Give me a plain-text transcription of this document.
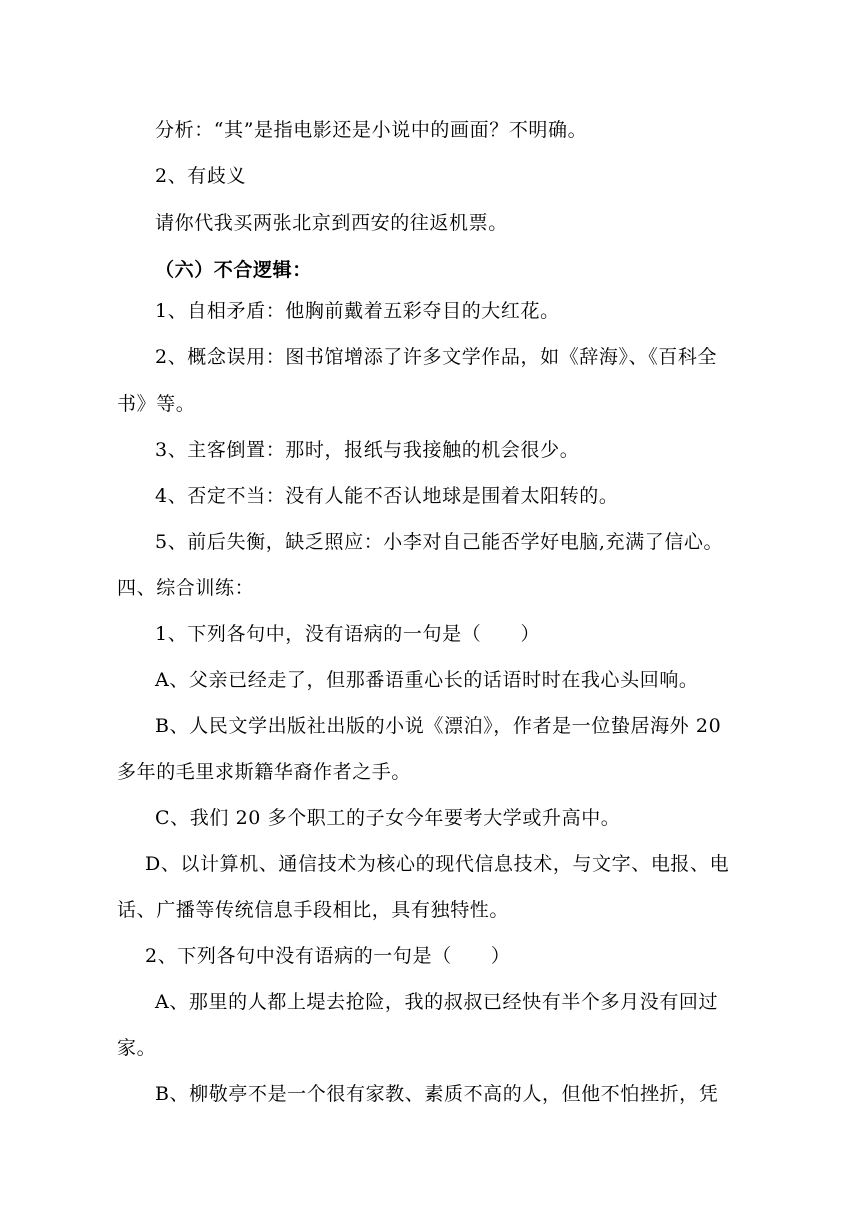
分析：“其”是指电影还是小说中的画面？不明确。
2、有歧义
请你代我买两张北京到西安的往返机票。
（六）不合逻辑：
1、自相矛盾：他胸前戴着五彩夺目的大红花。
2、概念误用：图书馆增添了许多文学作品，如《辞海》、《百科全
书》等。
3、主客倒置：那时，报纸与我接触的机会很少。
4、否定不当：没有人能不否认地球是围着太阳转的。
5、前后失衡，缺乏照应：小李对自己能否学好电脑,充满了信心。
四、综合训练：
1、下列各句中，没有语病的一句是（　　）
A、父亲已经走了，但那番语重心长的话语时时在我心头回响。
B、人民文学出版社出版的小说《漂泊》，作者是一位蛰居海外 20
多年的毛里求斯籍华裔作者之手。
C、我们 20 多个职工的子女今年要考大学或升高中。
D、以计算机、通信技术为核心的现代信息技术，与文字、电报、电
话、广播等传统信息手段相比，具有独特性。
2、下列各句中没有语病的一句是（　　）
A、那里的人都上堤去抢险，我的叔叔已经快有半个多月没有回过
家。
B、柳敬亭不是一个很有家教、素质不高的人，但他不怕挫折，凭
